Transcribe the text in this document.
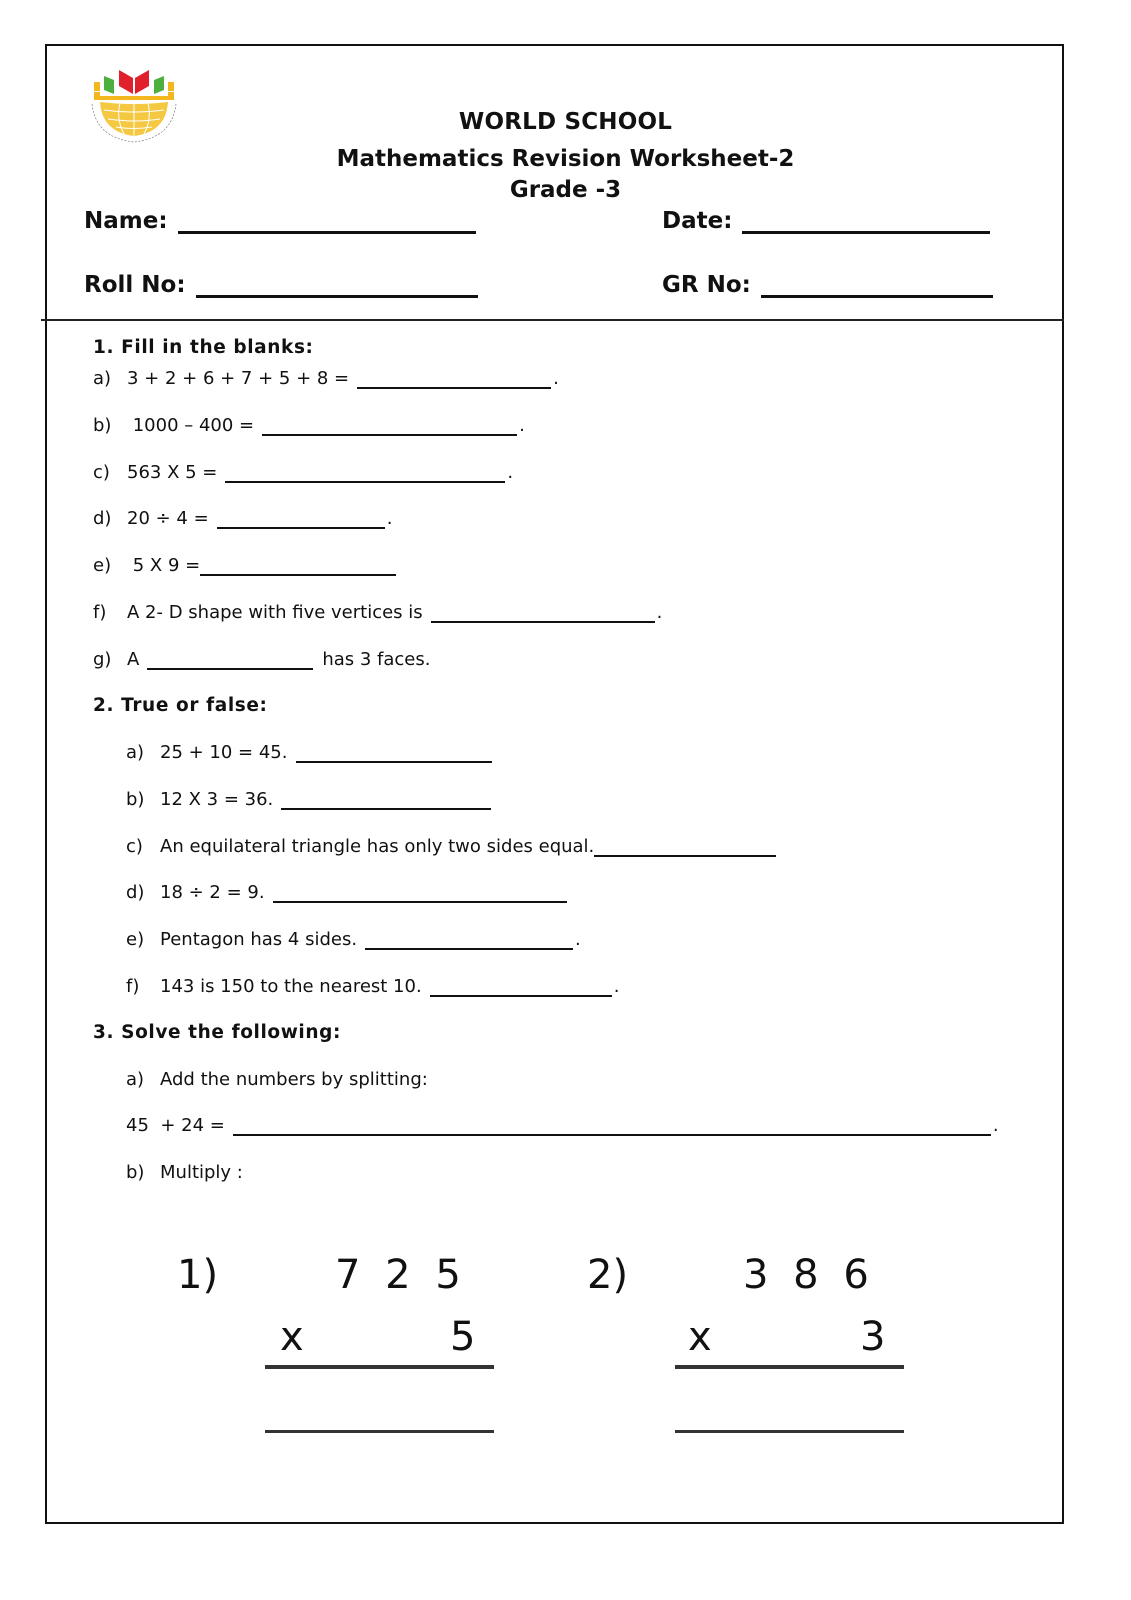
WORLD SCHOOL
Mathematics Revision Worksheet-2
Grade -3
Name:	Date:
Roll No:	GR No:
1. Fill in the blanks:
a) 3 + 2 + 6 + 7 + 5 + 8 =	.
b) 1000 – 400 =	.
c) 563 X 5 =	.
d) 20 ÷ 4 =	.
e) 5 X 9 =
f)	A 2- D shape with five vertices is	.
g) A	has 3 faces.
2. True or false:
a) 25 + 10 = 45.
b) 12 X 3 = 36.
c) An equilateral triangle has only two sides equal.
d) 18 ÷ 2 = 9.
e) Pentagon has 4 sides.	.
f)	143 is 150 to the nearest 10.	.
3. Solve the following:
a) Add the numbers by splitting:
45  + 24 =	.
b) Multiply :
1)	7 2 5
x	5
2)	3 8 6
x	3
